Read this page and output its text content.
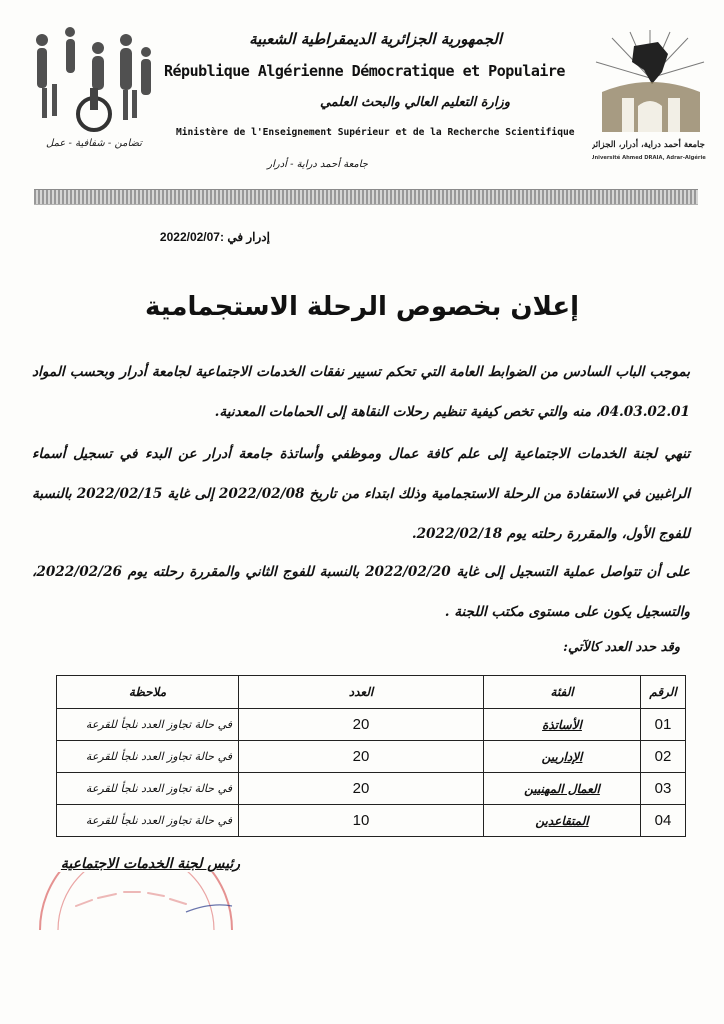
تضامن - شفافية - عمل
الجمهورية الجزائرية الديمقراطية الشعبية
République Algérienne Démocratique et Populaire
وزارة التعليم العالي والبحث العلمي
Ministère de l'Enseignement Supérieur et de la Recherche Scientifique
جامعة أحمد دراية - أدرار
جامعة أحمد دراية، أدرار، الجزائر
Université Ahmed DRAIA, Adrar-Algérie
إدرار في :2022/02/07
إعلان بخصوص الرحلة الاستجمامية
بموجب الباب السادس من الضوابط العامة التي تحكم تسيير نفقات الخدمات الاجتماعية لجامعة أدرار وبحسب المواد 04.03.02.01، منه والتي تخص كيفية تنظيم رحلات النقاهة إلى الحمامات المعدنية.
تنهي لجنة الخدمات الاجتماعية إلى علم كافة عمال وموظفي وأساتذة جامعة أدرار عن البدء في تسجيل أسماء الراغبين في الاستفادة من الرحلة الاستجمامية وذلك ابتداء من تاريخ 2022/02/08 إلى غاية 2022/02/15 بالنسبة للفوج الأول، والمقررة رحلته يوم 2022/02/18.
على أن تتواصل عملية التسجيل إلى غاية 2022/02/20 بالنسبة للفوج الثاني والمقررة رحلته يوم 2022/02/26، والتسجيل يكون على مستوى مكتب اللجنة .
وقد حدد العدد كالآتي:
الرقم	الفئة	العدد	ملاحظة
01	الأساتذة	20	في حالة تجاوز العدد نلجأ للقرعة
02	الإداريين	20	في حالة تجاوز العدد نلجأ للقرعة
03	العمال المهنيين	20	في حالة تجاوز العدد نلجأ للقرعة
04	المتقاعدين	10	في حالة تجاوز العدد نلجأ للقرعة
رئيس لجنة الخدمات الاجتماعية
